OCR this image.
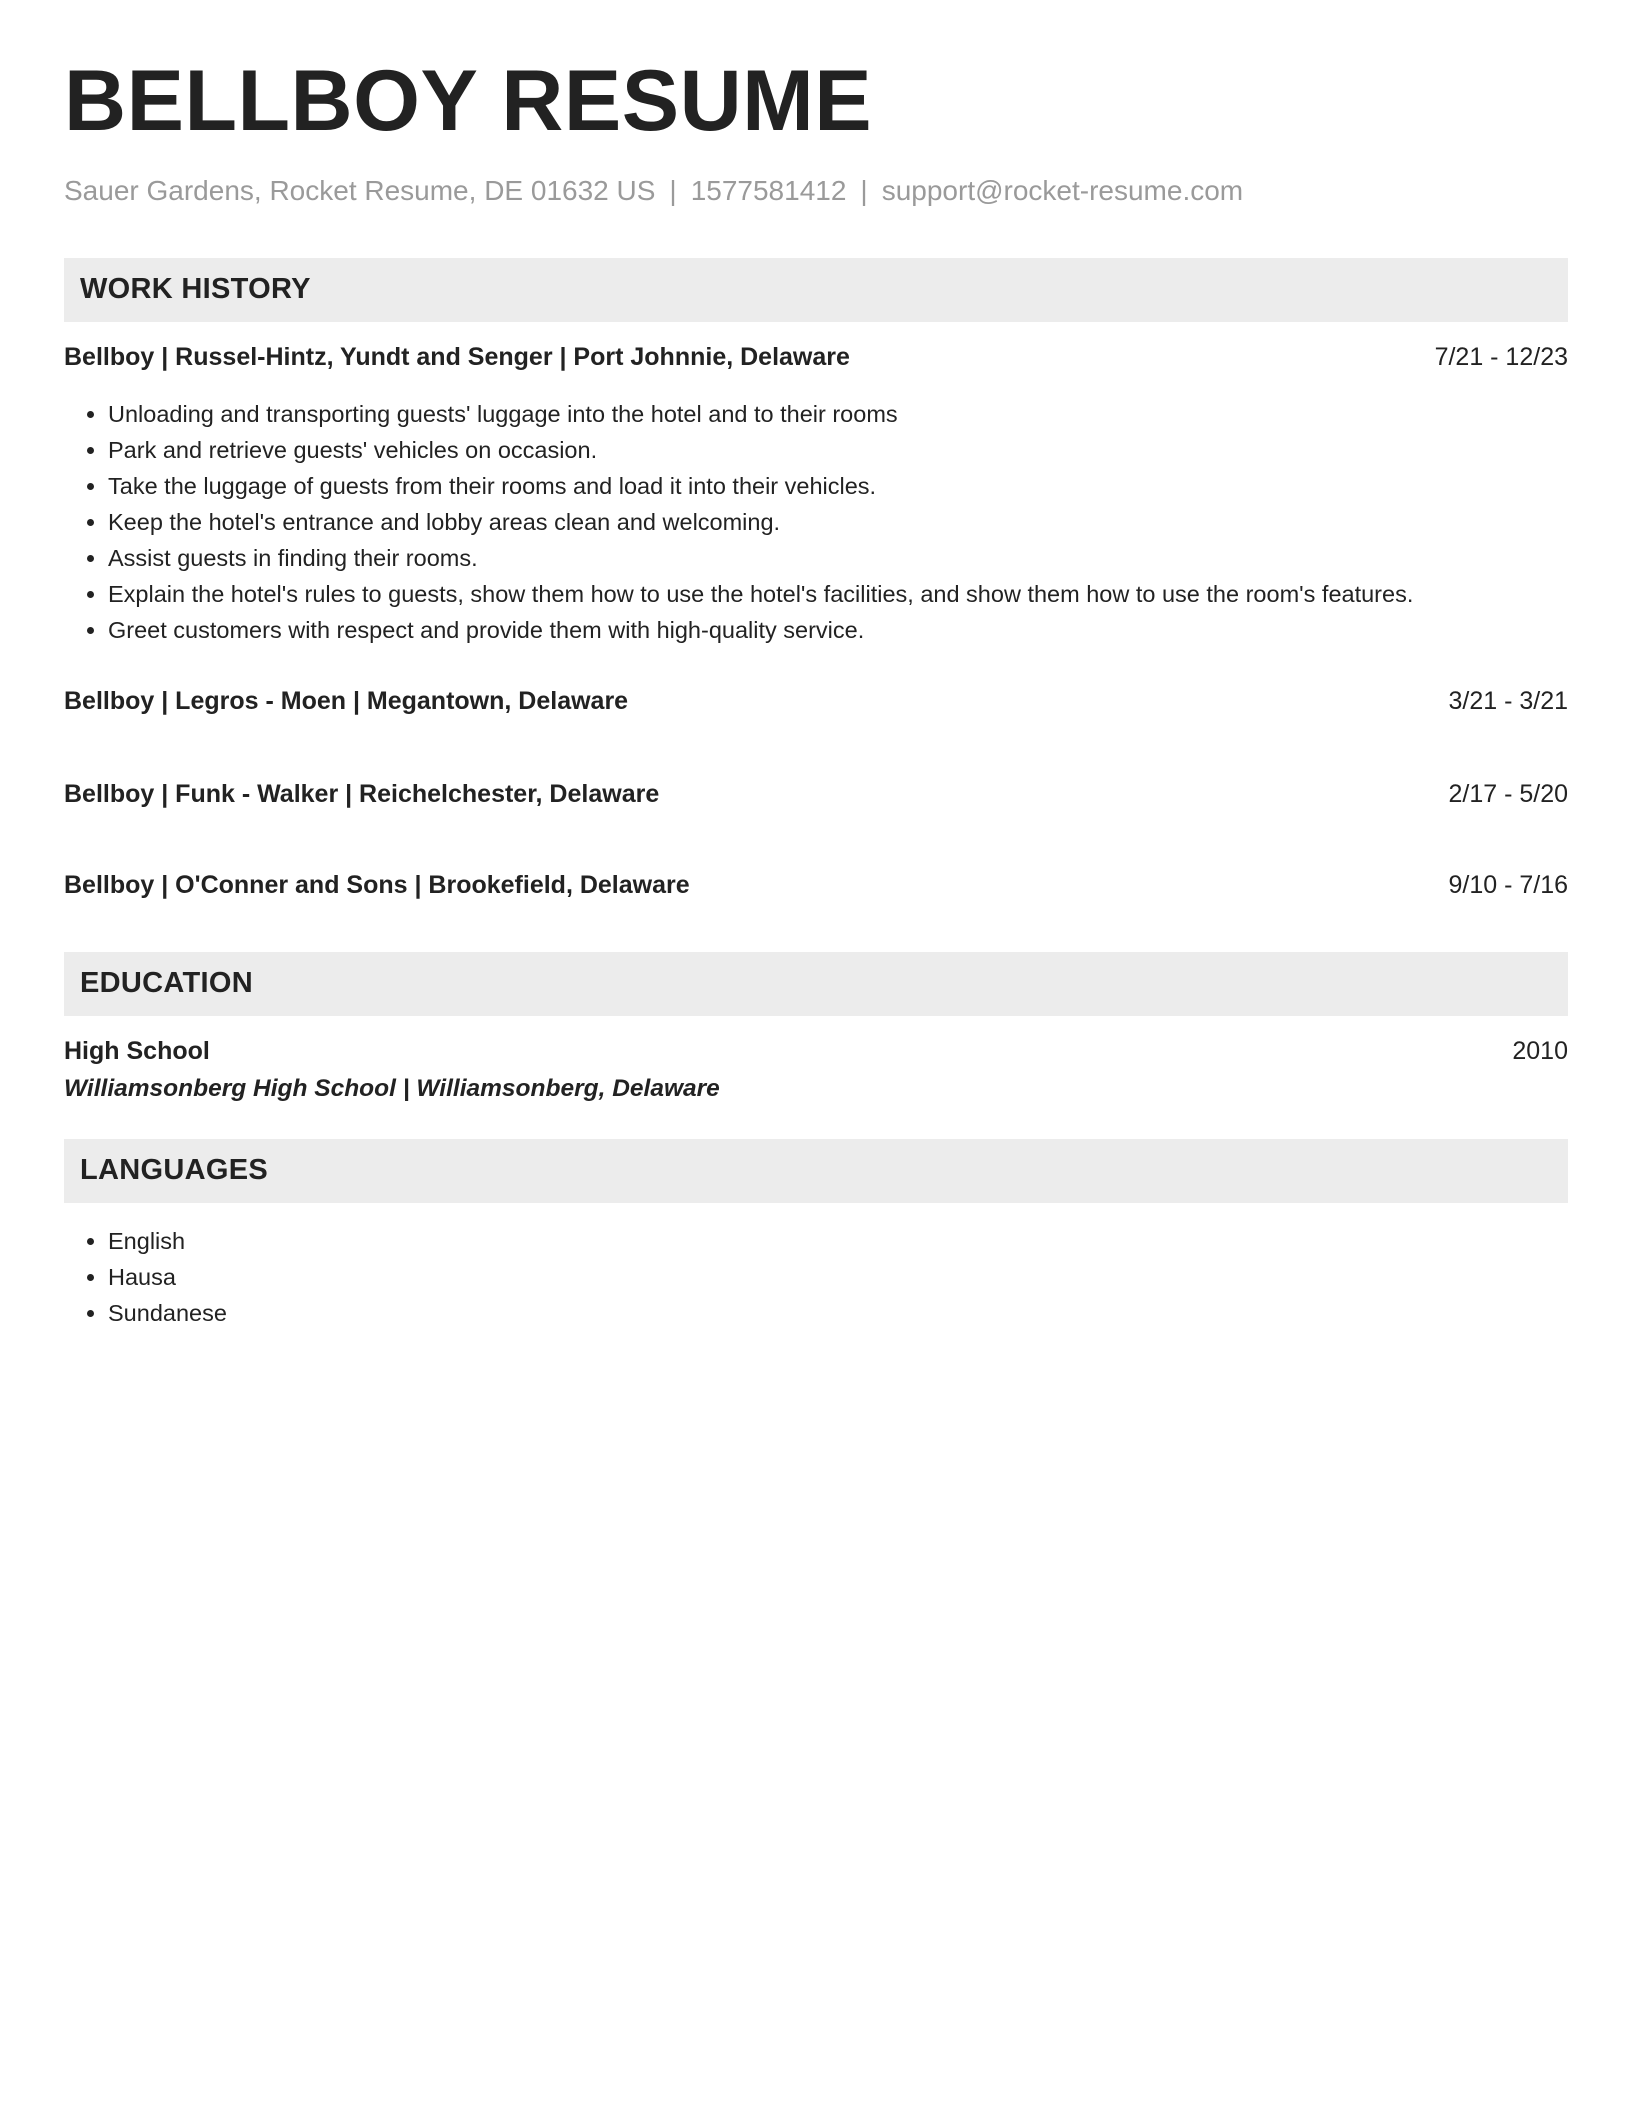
BELLBOY RESUME
Sauer Gardens, Rocket Resume, DE 01632 US | 1577581412 | support@rocket-resume.com
WORK HISTORY
Bellboy | Russel-Hintz, Yundt and Senger | Port Johnnie, Delaware	7/21 - 12/23
• Unloading and transporting guests' luggage into the hotel and to their rooms
• Park and retrieve guests' vehicles on occasion.
• Take the luggage of guests from their rooms and load it into their vehicles.
• Keep the hotel's entrance and lobby areas clean and welcoming.
• Assist guests in finding their rooms.
• Explain the hotel's rules to guests, show them how to use the hotel's facilities, and show them how to use the room's features.
• Greet customers with respect and provide them with high-quality service.
Bellboy | Legros - Moen | Megantown, Delaware	3/21 - 3/21
Bellboy | Funk - Walker | Reichelchester, Delaware	2/17 - 5/20
Bellboy | O'Conner and Sons | Brookefield, Delaware	9/10 - 7/16
EDUCATION
High School	2010
Williamsonberg High School | Williamsonberg, Delaware
LANGUAGES
• English
• Hausa
• Sundanese
